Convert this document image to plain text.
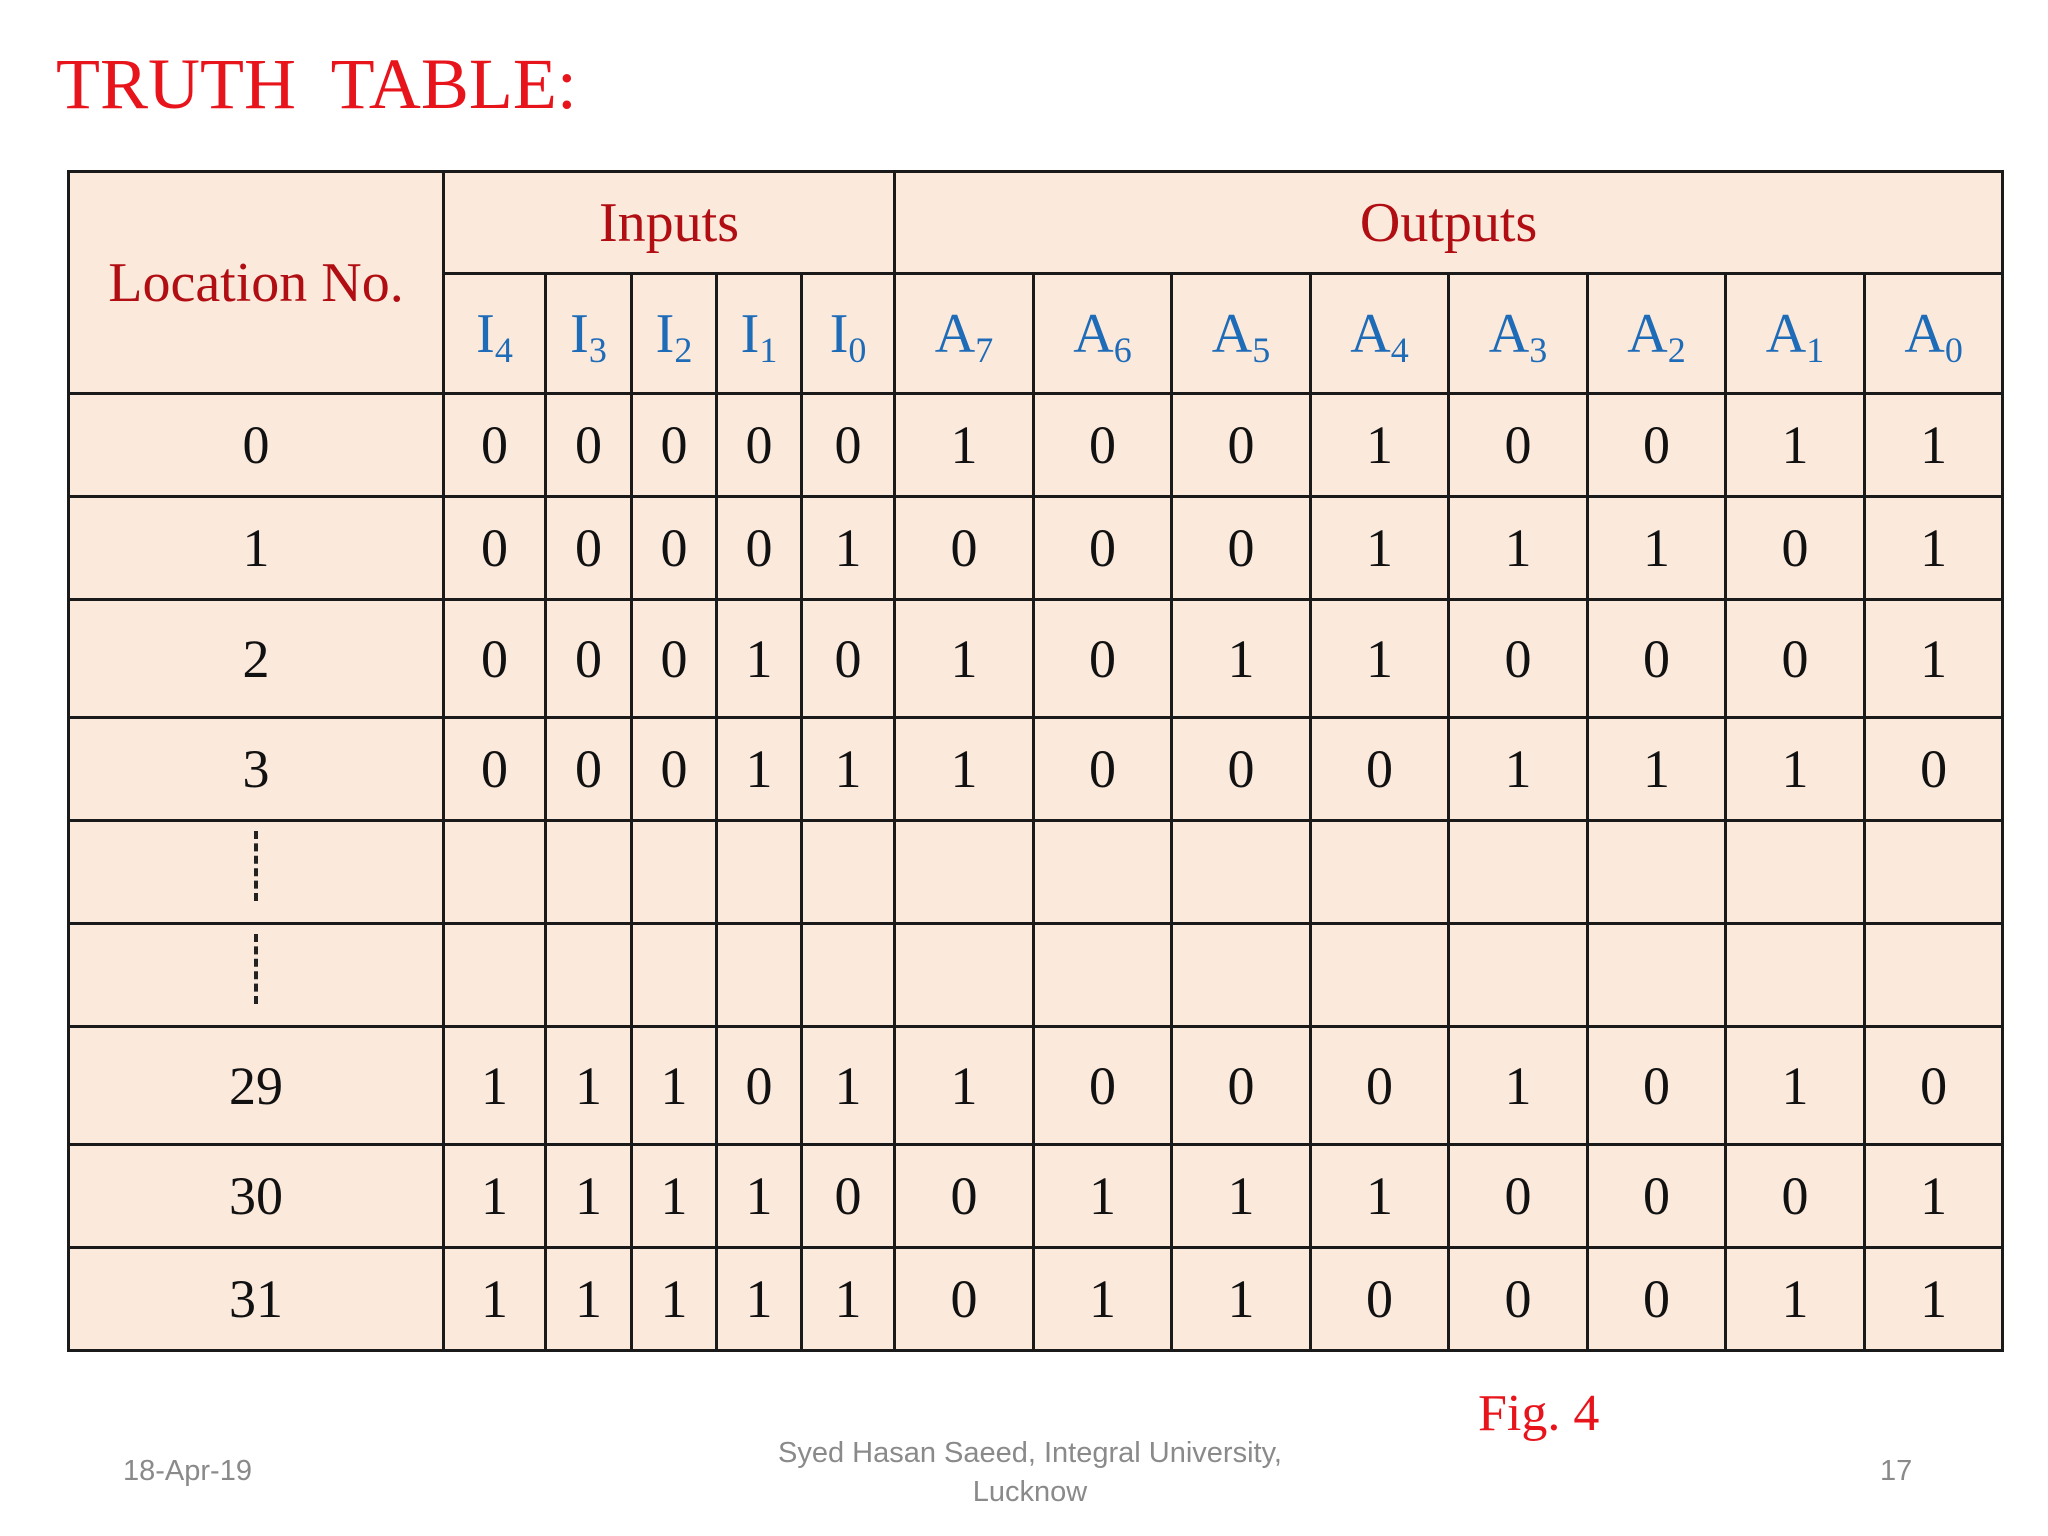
TRUTH  TABLE:
Location No.	Inputs					Outputs							
	$I_4$	$I_3$	$I_2$	$I_1$	$I_0$	$A_7$	$A_6$	$A_5$	$A_4$	$A_3$	$A_2$	$A_1$	$A_0$
0	0	0	0	0	0	1	0	0	1	0	0	1	1
1	0	0	0	0	1	0	0	0	1	1	1	0	1
2	0	0	0	1	0	1	0	1	1	0	0	0	1
3	0	0	0	1	1	1	0	0	0	1	1	1	0

29	1	1	1	0	1	1	0	0	0	1	0	1	0
30	1	1	1	1	0	0	1	1	1	0	0	0	1
31	1	1	1	1	1	0	1	1	0	0	0	1	1
Fig. 4
18-Apr-19
Syed Hasan Saeed, Integral University, Lucknow
17
